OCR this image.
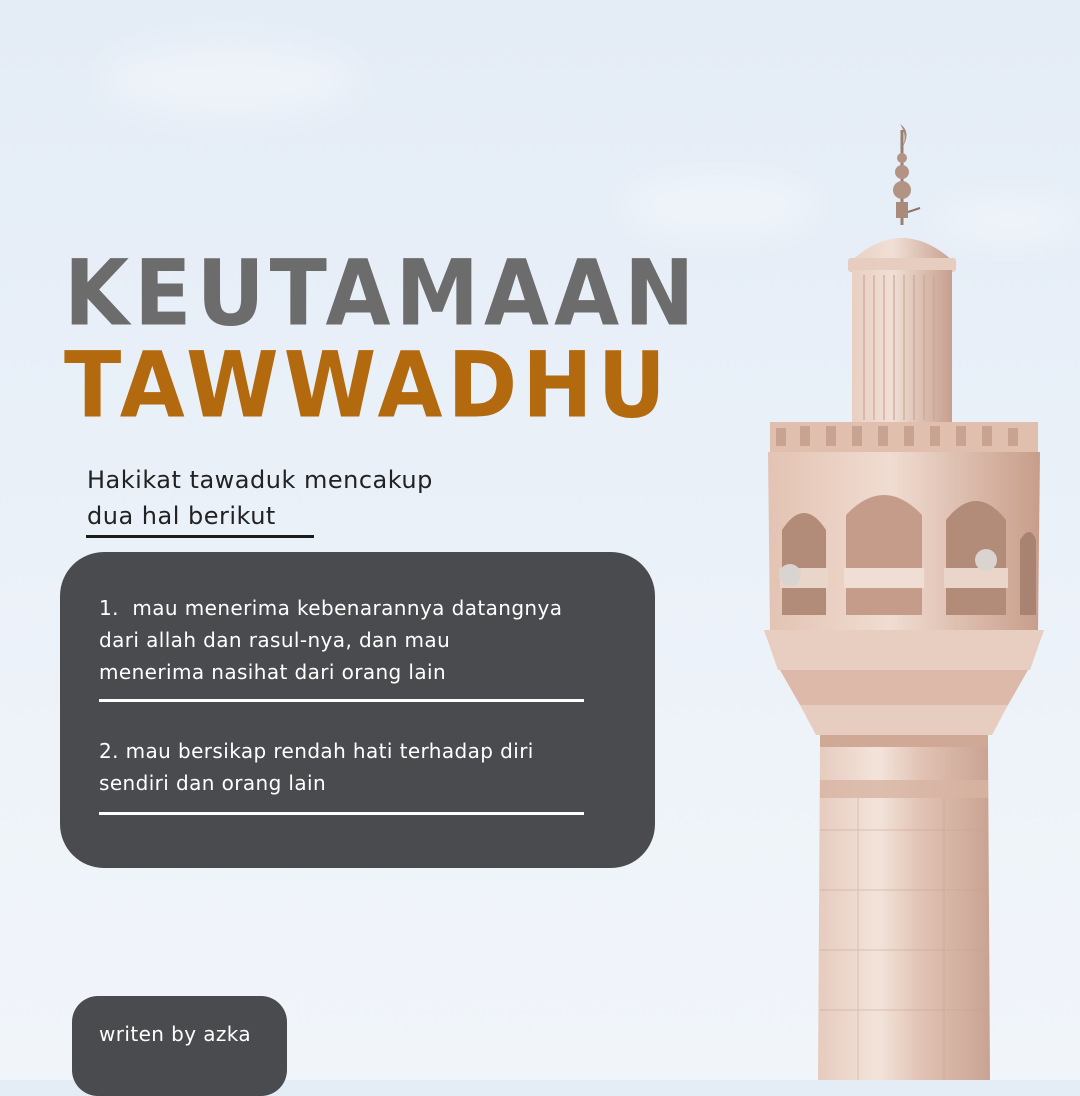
KEUTAMAAN
TAWWADHU
Hakikat tawaduk mencakup
dua hal berikut
1.  mau menerima kebenarannya datangnya
dari allah dan rasul-nya, dan mau
menerima nasihat dari orang lain
2. mau bersikap rendah hati terhadap diri
sendiri dan orang lain
writen by azka
